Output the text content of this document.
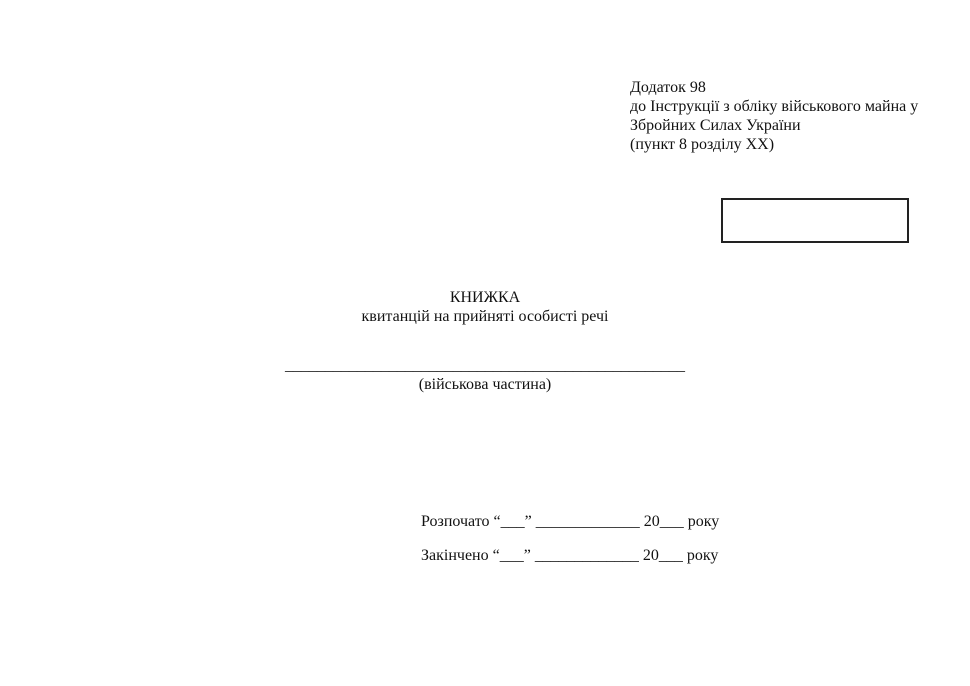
Додаток 98
до Інструкції з обліку військового майна у
Збройних Силах України
(пункт 8 розділу XX)
КНИЖКА
квитанцій на прийняті особисті речі
__________________________________________________
(військова частина)
Розпочато “___” _____________ 20___ року
Закінчено “___” _____________ 20___ року
